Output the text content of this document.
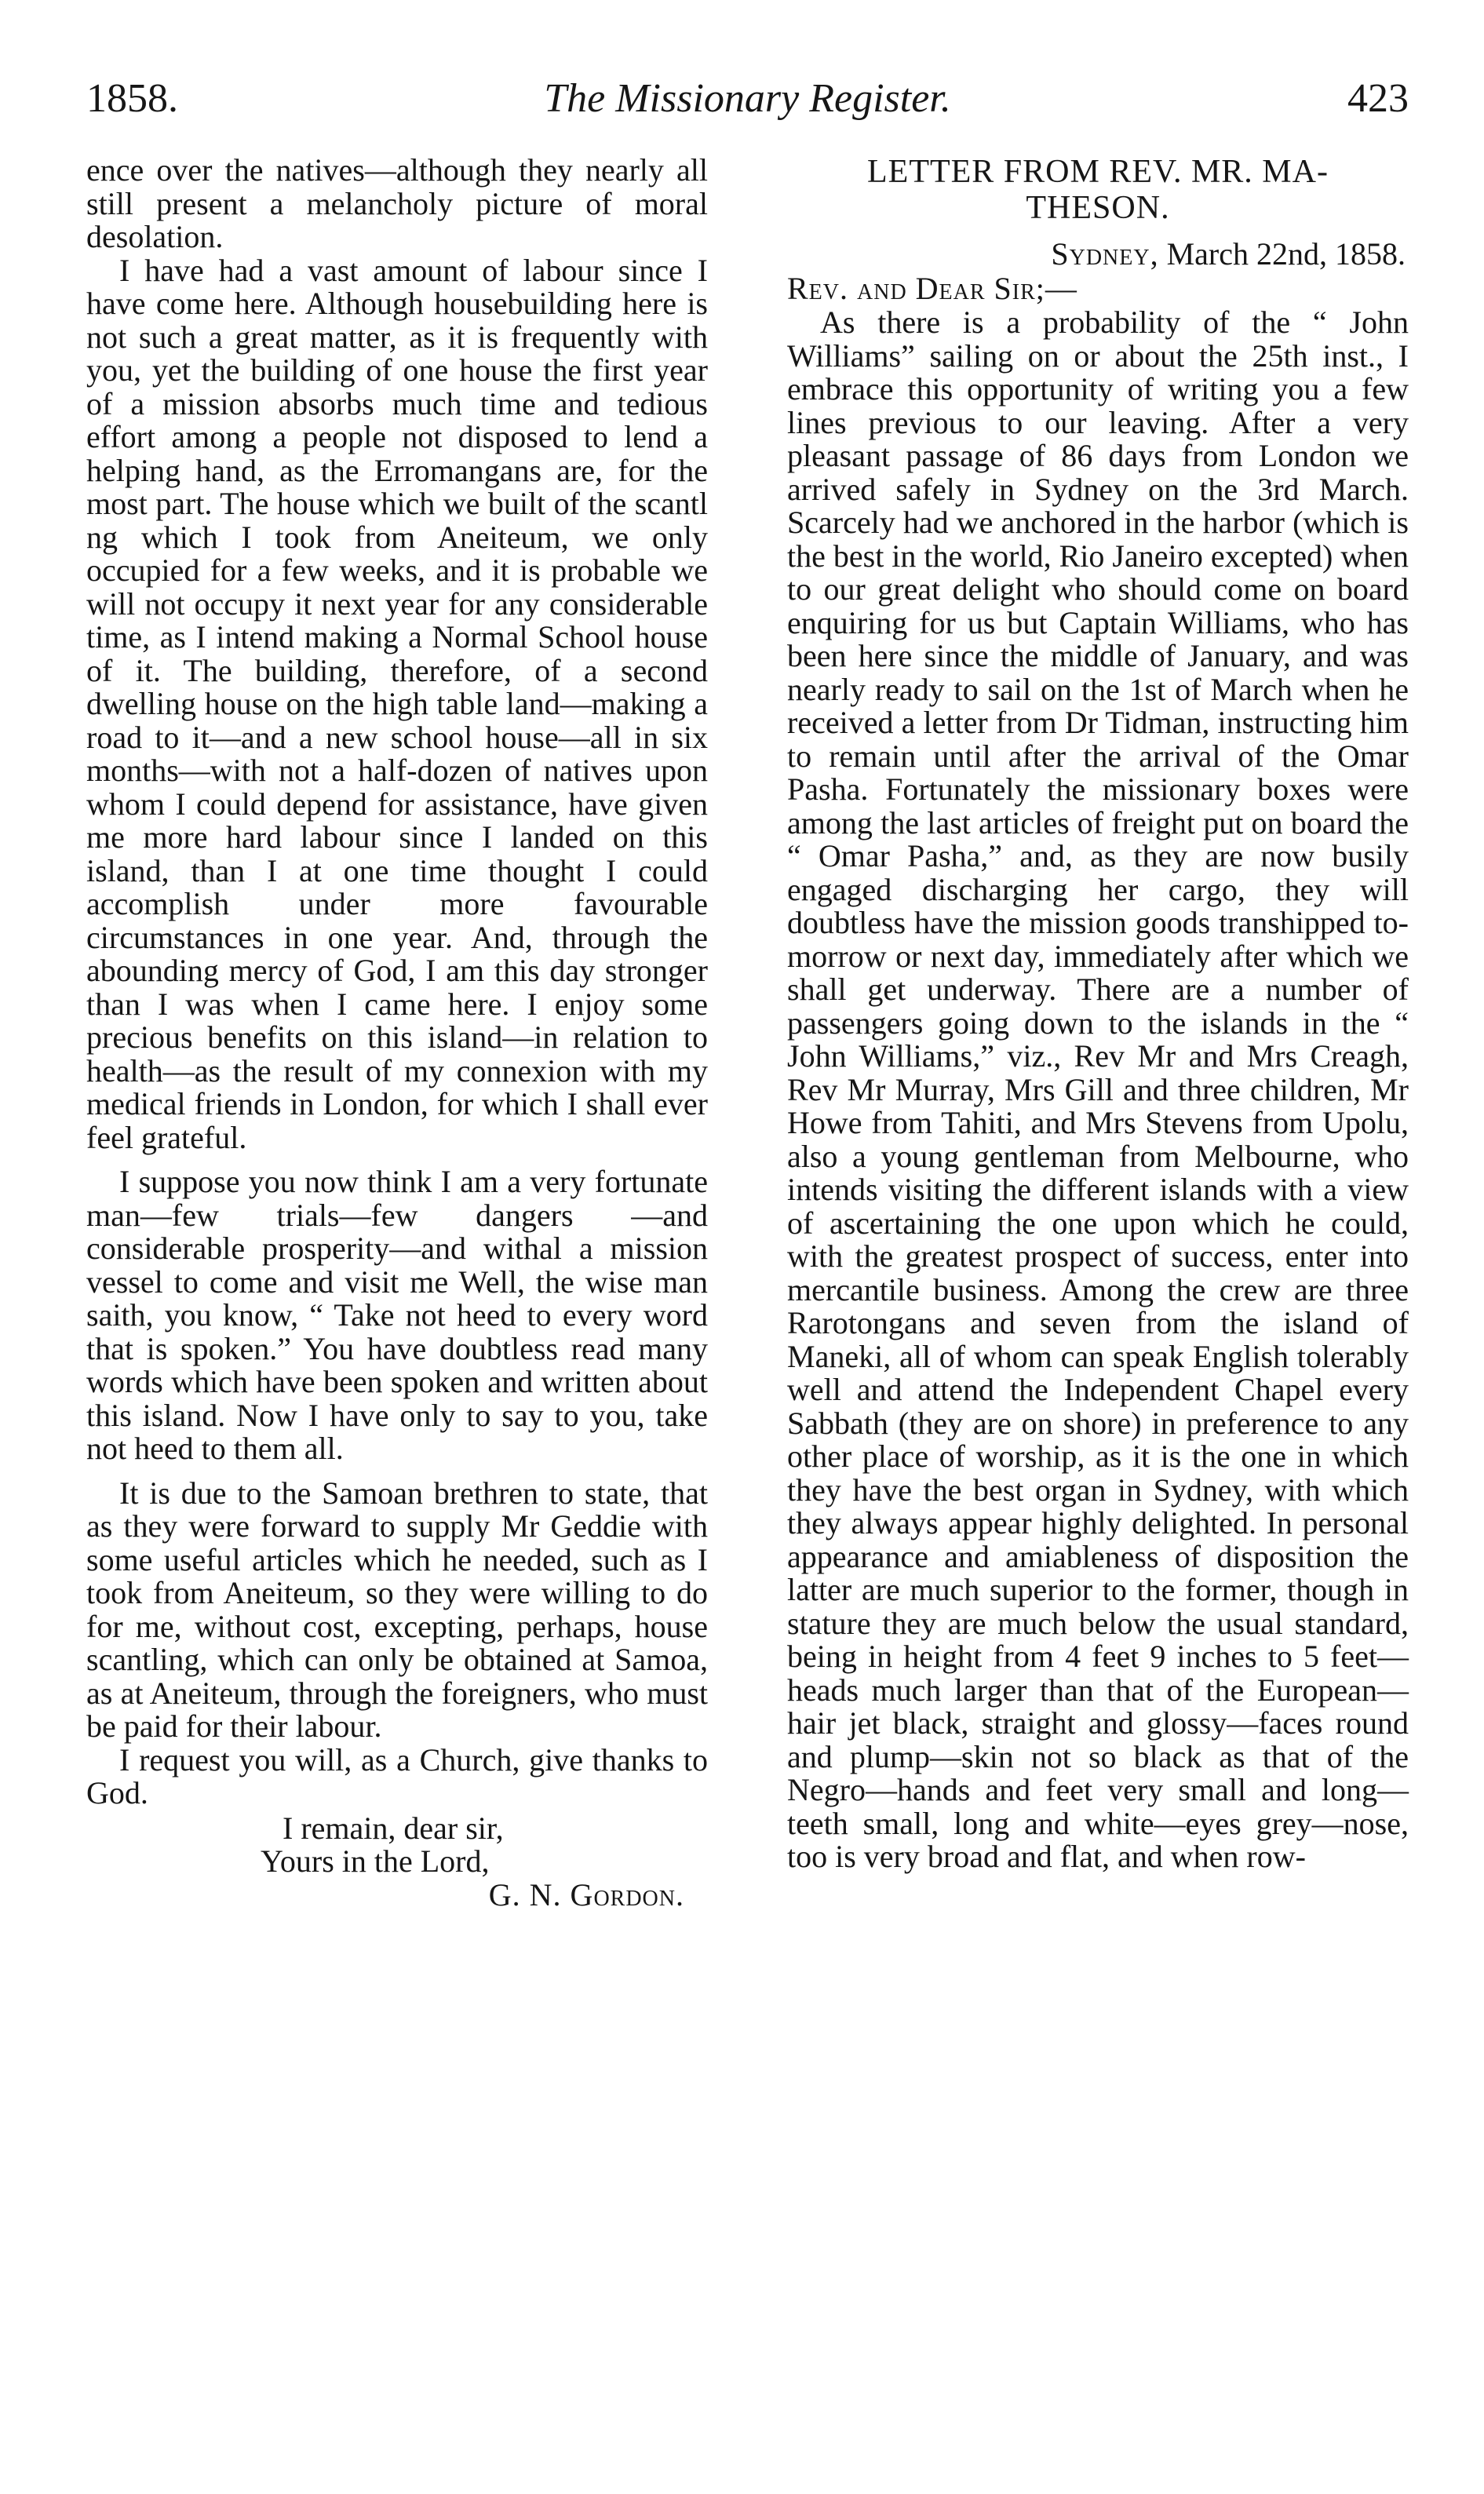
1858.	The Missionary Register.	423

ence over the natives—although they nearly all still present a melancholy picture of moral desolation.

I have had a vast amount of labour since I have come here. Although housebuilding here is not such a great matter, as it is frequently with you, yet the building of one house the first year of a mission absorbs much time and tedious effort among a people not disposed to lend a helping hand, as the Erromangans are, for the most part. The house which we built of the scantl ng which I took from Aneiteum, we only occupied for a few weeks, and it is probable we will not occupy it next year for any considerable time, as I intend making a Normal School house of it. The building, therefore, of a second dwelling house on the high table land—making a road to it—and a new school house—all in six months—with not a half-dozen of natives upon whom I could depend for assistance, have given me more hard labour since I landed on this island, than I at one time thought I could accomplish under more favourable circumstances in one year. And, through the abounding mercy of God, I am this day stronger than I was when I came here. I enjoy some precious benefits on this island—in relation to health—as the result of my connexion with my medical friends in London, for which I shall ever feel grateful.

I suppose you now think I am a very fortunate man—few trials—few dangers —and considerable prosperity—and withal a mission vessel to come and visit me Well, the wise man saith, you know, “ Take not heed to every word that is spoken.” You have doubtless read many words which have been spoken and written about this island. Now I have only to say to you, take not heed to them all.

It is due to the Samoan brethren to state, that as they were forward to supply Mr Geddie with some useful articles which he needed, such as I took from Aneiteum, so they were willing to do for me, without cost, excepting, perhaps, house scantling, which can only be obtained at Samoa, as at Aneiteum, through the foreigners, who must be paid for their labour.

I request you will, as a Church, give thanks to God.

I remain, dear sir,
Yours in the Lord,
G. N. Gordon.
LETTER FROM REV. MR. MA-
THESON.
Sydney, March 22nd, 1858.

Rev. and Dear Sir;—

As there is a probability of the “ John Williams” sailing on or about the 25th inst., I embrace this opportunity of writing you a few lines previous to our leaving. After a very pleasant passage of 86 days from London we arrived safely in Sydney on the 3rd March. Scarcely had we anchored in the harbor (which is the best in the world, Rio Janeiro excepted) when to our great delight who should come on board enquiring for us but Captain Williams, who has been here since the middle of January, and was nearly ready to sail on the 1st of March when he received a letter from Dr Tidman, instructing him to remain until after the arrival of the Omar Pasha. Fortunately the missionary boxes were among the last articles of freight put on board the “ Omar Pasha,” and, as they are now busily engaged discharging her cargo, they will doubtless have the mission goods transhipped to-morrow or next day, immediately after which we shall get underway. There are a number of passengers going down to the islands in the “ John Williams,” viz., Rev Mr and Mrs Creagh, Rev Mr Murray, Mrs Gill and three children, Mr Howe from Tahiti, and Mrs Stevens from Upolu, also a young gentleman from Melbourne, who intends visiting the different islands with a view of ascertaining the one upon which he could, with the greatest prospect of success, enter into mercantile business. Among the crew are three Rarotongans and seven from the island of Maneki, all of whom can speak English tolerably well and attend the Independent Chapel every Sabbath (they are on shore) in preference to any other place of worship, as it is the one in which they have the best organ in Sydney, with which they always appear highly delighted. In personal appearance and amiableness of disposition the latter are much superior to the former, though in stature they are much below the usual standard, being in height from 4 feet 9 inches to 5 feet—heads much larger than that of the European—hair jet black, straight and glossy—faces round and plump—skin not so black as that of the Negro—hands and feet very small and long—teeth small, long and white—eyes grey—nose, too is very broad and flat, and when row-
